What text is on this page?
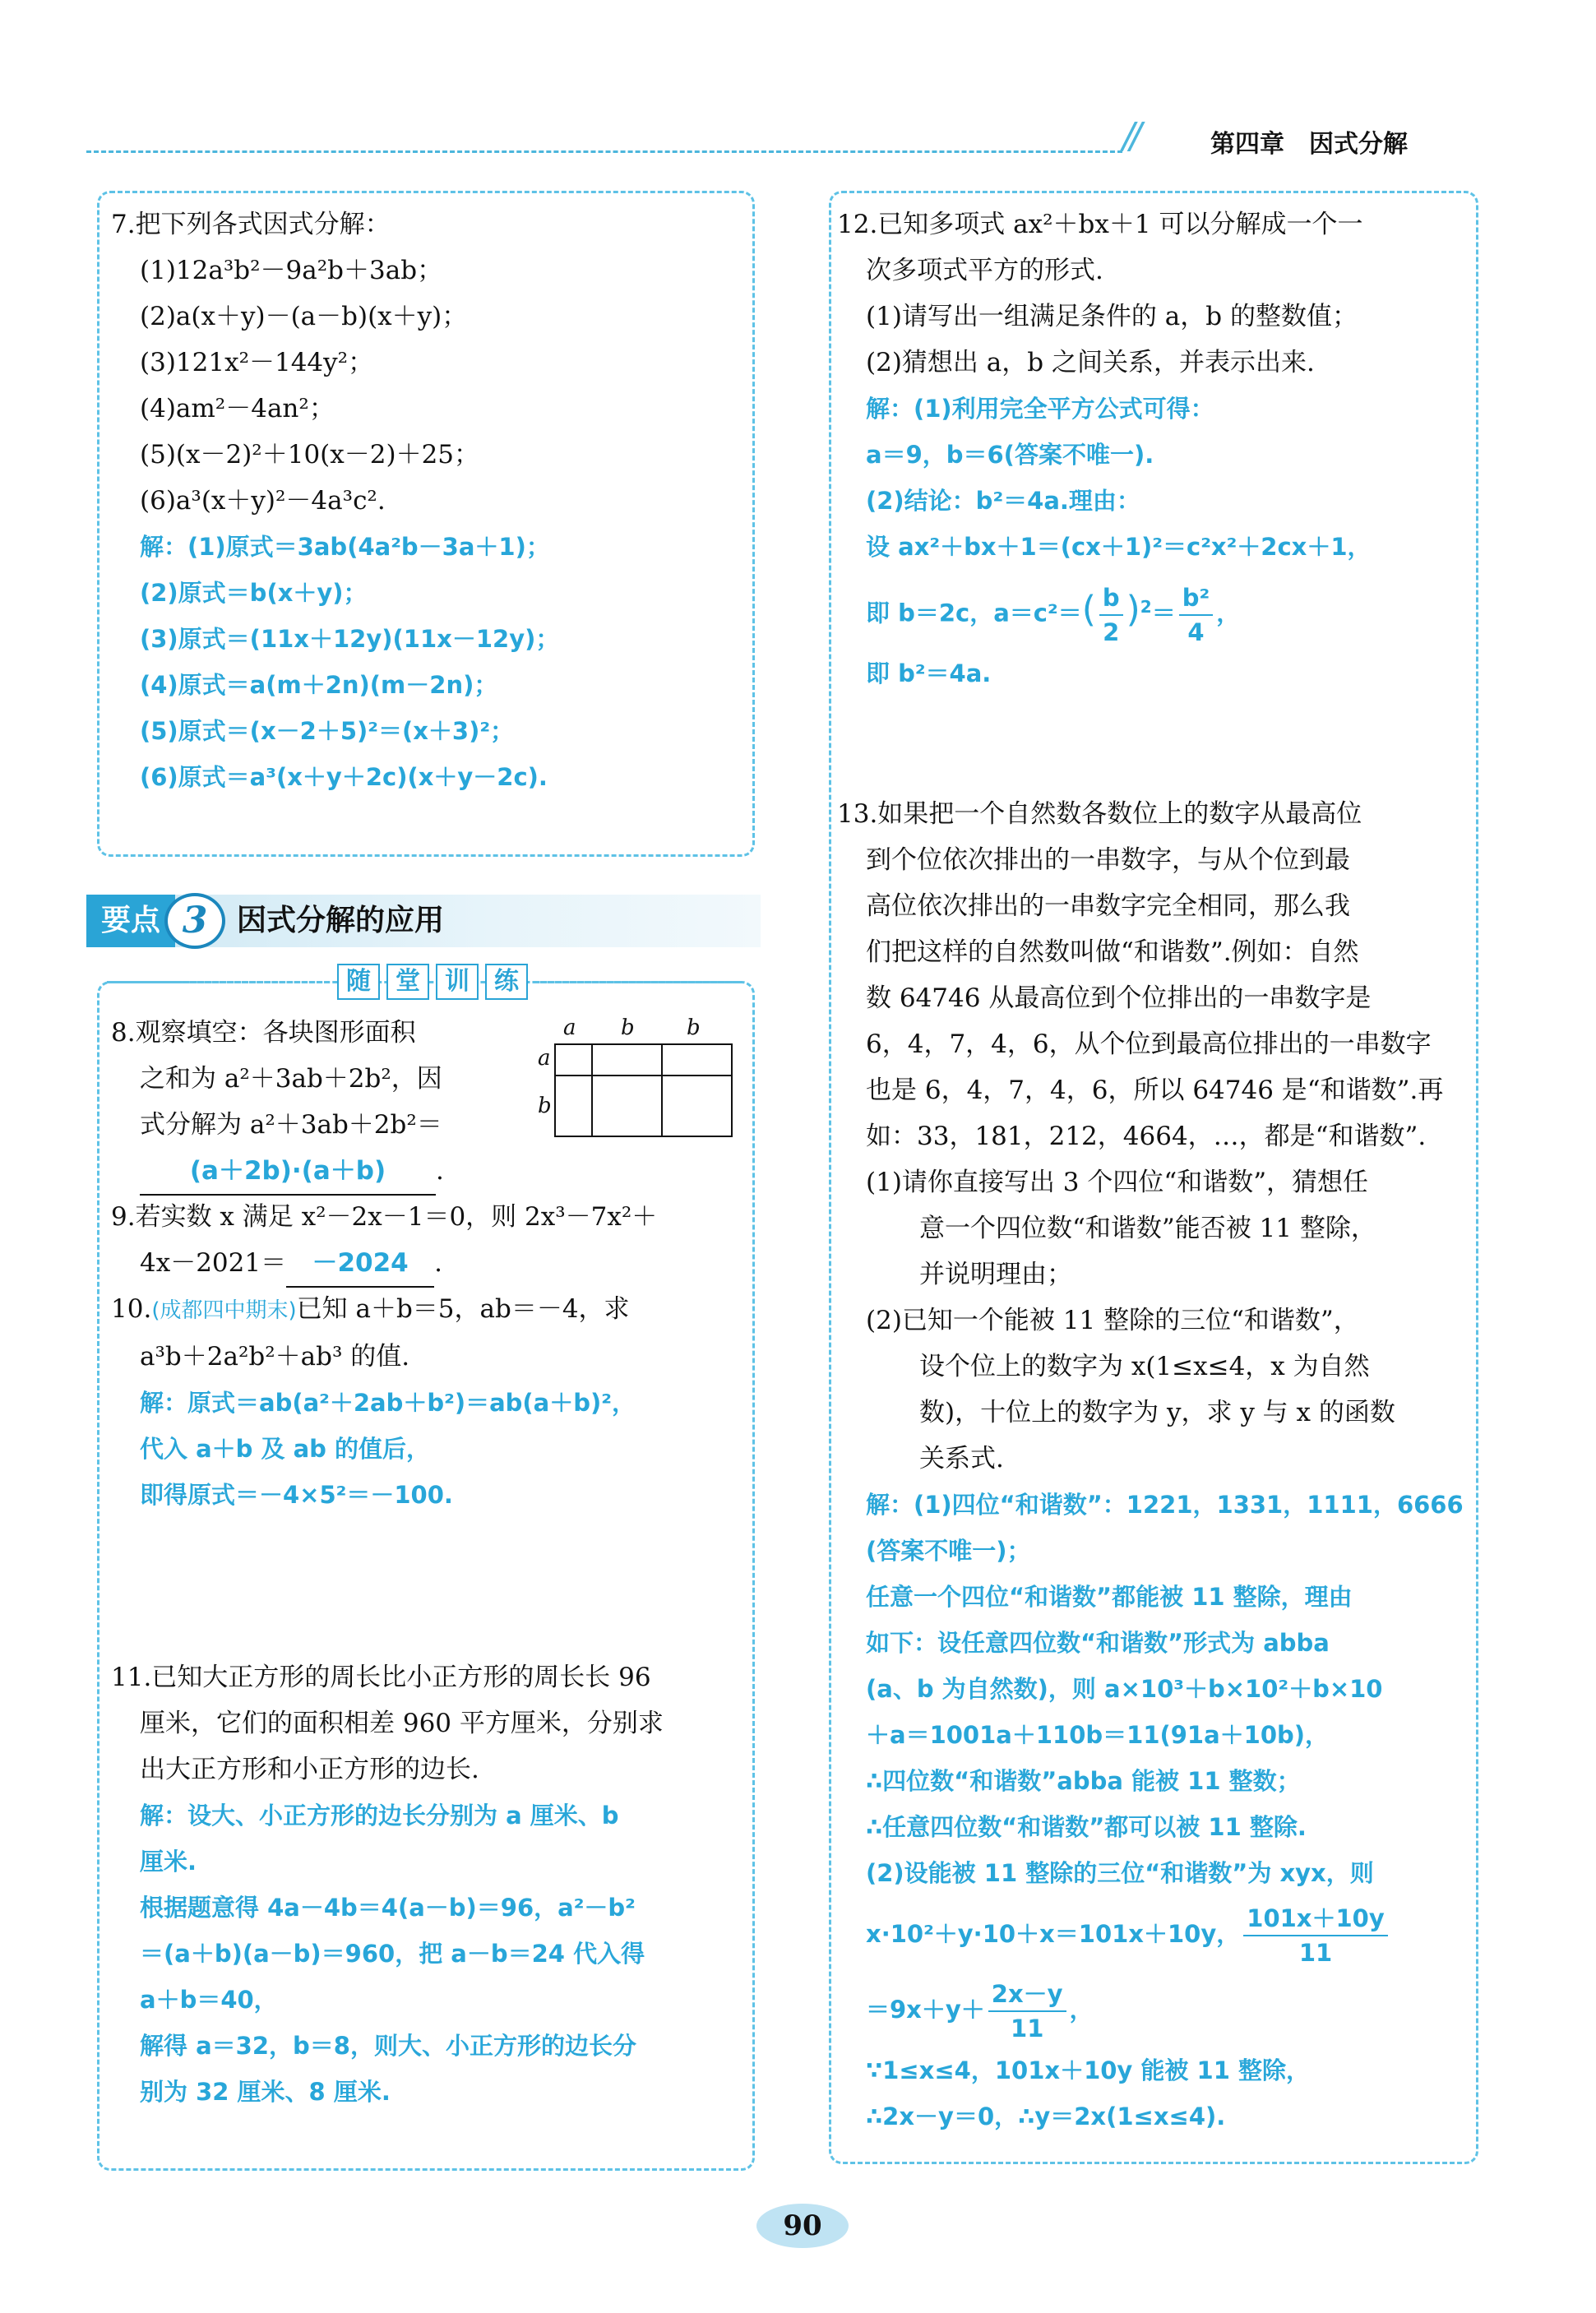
//	第四章　因式分解
7.把下列各式因式分解：
(1)12a³b²－9a²b＋3ab；
(2)a(x＋y)－(a－b)(x＋y)；
(3)121x²－144y²；
(4)am²－4an²；
(5)(x－2)²＋10(x－2)＋25；
(6)a³(x＋y)²－4a³c².
解：(1)原式＝3ab(4a²b－3a＋1)；
(2)原式＝b(x＋y)；
(3)原式＝(11x＋12y)(11x－12y)；
(4)原式＝a(m＋2n)(m－2n)；
(5)原式＝(x－2＋5)²＝(x＋3)²；
(6)原式＝a³(x＋y＋2c)(x＋y－2c).
要点 3 因式分解的应用
随	堂	训	练
8.观察填空：各块图形面积
之和为 a²＋3ab＋2b²，因
式分解为 a²＋3ab＋2b²＝
(a＋2b)·(a＋b) .
a b b
a
b
9.若实数 x 满足 x²－2x－1＝0，则 2x³－7x²＋
4x－2021＝ －2024 .
10.(成都四中期末)已知 a＋b＝5，ab＝－4，求
a³b＋2a²b²＋ab³ 的值.
解：原式＝ab(a²＋2ab＋b²)＝ab(a＋b)²，
代入 a＋b 及 ab 的值后，
即得原式＝－4×5²＝－100.
11.已知大正方形的周长比小正方形的周长长 96
厘米，它们的面积相差 960 平方厘米，分别求
出大正方形和小正方形的边长.
解：设大、小正方形的边长分别为 a 厘米、b
厘米.
根据题意得 4a－4b＝4(a－b)＝96，a²－b²
＝(a＋b)(a－b)＝960，把 a－b＝24 代入得
a＋b＝40，
解得 a＝32，b＝8，则大、小正方形的边长分
别为 32 厘米、8 厘米.
12.已知多项式 ax²＋bx＋1 可以分解成一个一
次多项式平方的形式.
(1)请写出一组满足条件的 a，b 的整数值；
(2)猜想出 a，b 之间关系，并表示出来.
解：(1)利用完全平方公式可得：
a＝9，b＝6(答案不唯一).
(2)结论：b²＝4a.理由：
设 ax²＋bx＋1＝(cx＋1)²＝c²x²＋2cx＋1，
即 b＝2c，$a=c^2=( \frac{b}{2} )^2= \frac{\text{b²}}{4}$ ，
即 b²＝4a.
13.如果把一个自然数各数位上的数字从最高位
到个位依次排出的一串数字，与从个位到最
高位依次排出的一串数字完全相同，那么我
们把这样的自然数叫做“和谐数”.例如：自然
数 64746 从最高位到个位排出的一串数字是
6，4，7，4，6，从个位到最高位排出的一串数字
也是 6，4，7，4，6，所以 64746 是“和谐数”.再
如：33，181，212，4664，…，都是“和谐数”.
(1)请你直接写出 3 个四位“和谐数”，猜想任
意一个四位数“和谐数”能否被 11 整除，
并说明理由；
(2)已知一个能被 11 整除的三位“和谐数”，
设个位上的数字为 x(1≤x≤4，x 为自然
数)，十位上的数字为 y，求 y 与 x 的函数
关系式.
解：(1)四位“和谐数”：1221，1331，1111，6666
(答案不唯一)；
任意一个四位“和谐数”都能被 11 整除，理由
如下：设任意四位数“和谐数”形式为 abba
(a、b 为自然数)，则 a×10³＋b×10²＋b×10
＋a＝1001a＋110b＝11(91a＋10b)，
∴四位数“和谐数”abba 能被 11 整数；
∴任意四位数“和谐数”都可以被 11 整除.
(2)设能被 11 整除的三位“和谐数”为 xyx，则
x·10²＋y·10＋x＝101x＋10y， $\frac{101x+10y}{11}$
$=9x+y+ \frac{2x-y}{11}$ ，
∵1≤x≤4，101x＋10y 能被 11 整除，
∴2x－y＝0，∴y＝2x(1≤x≤4).
90
